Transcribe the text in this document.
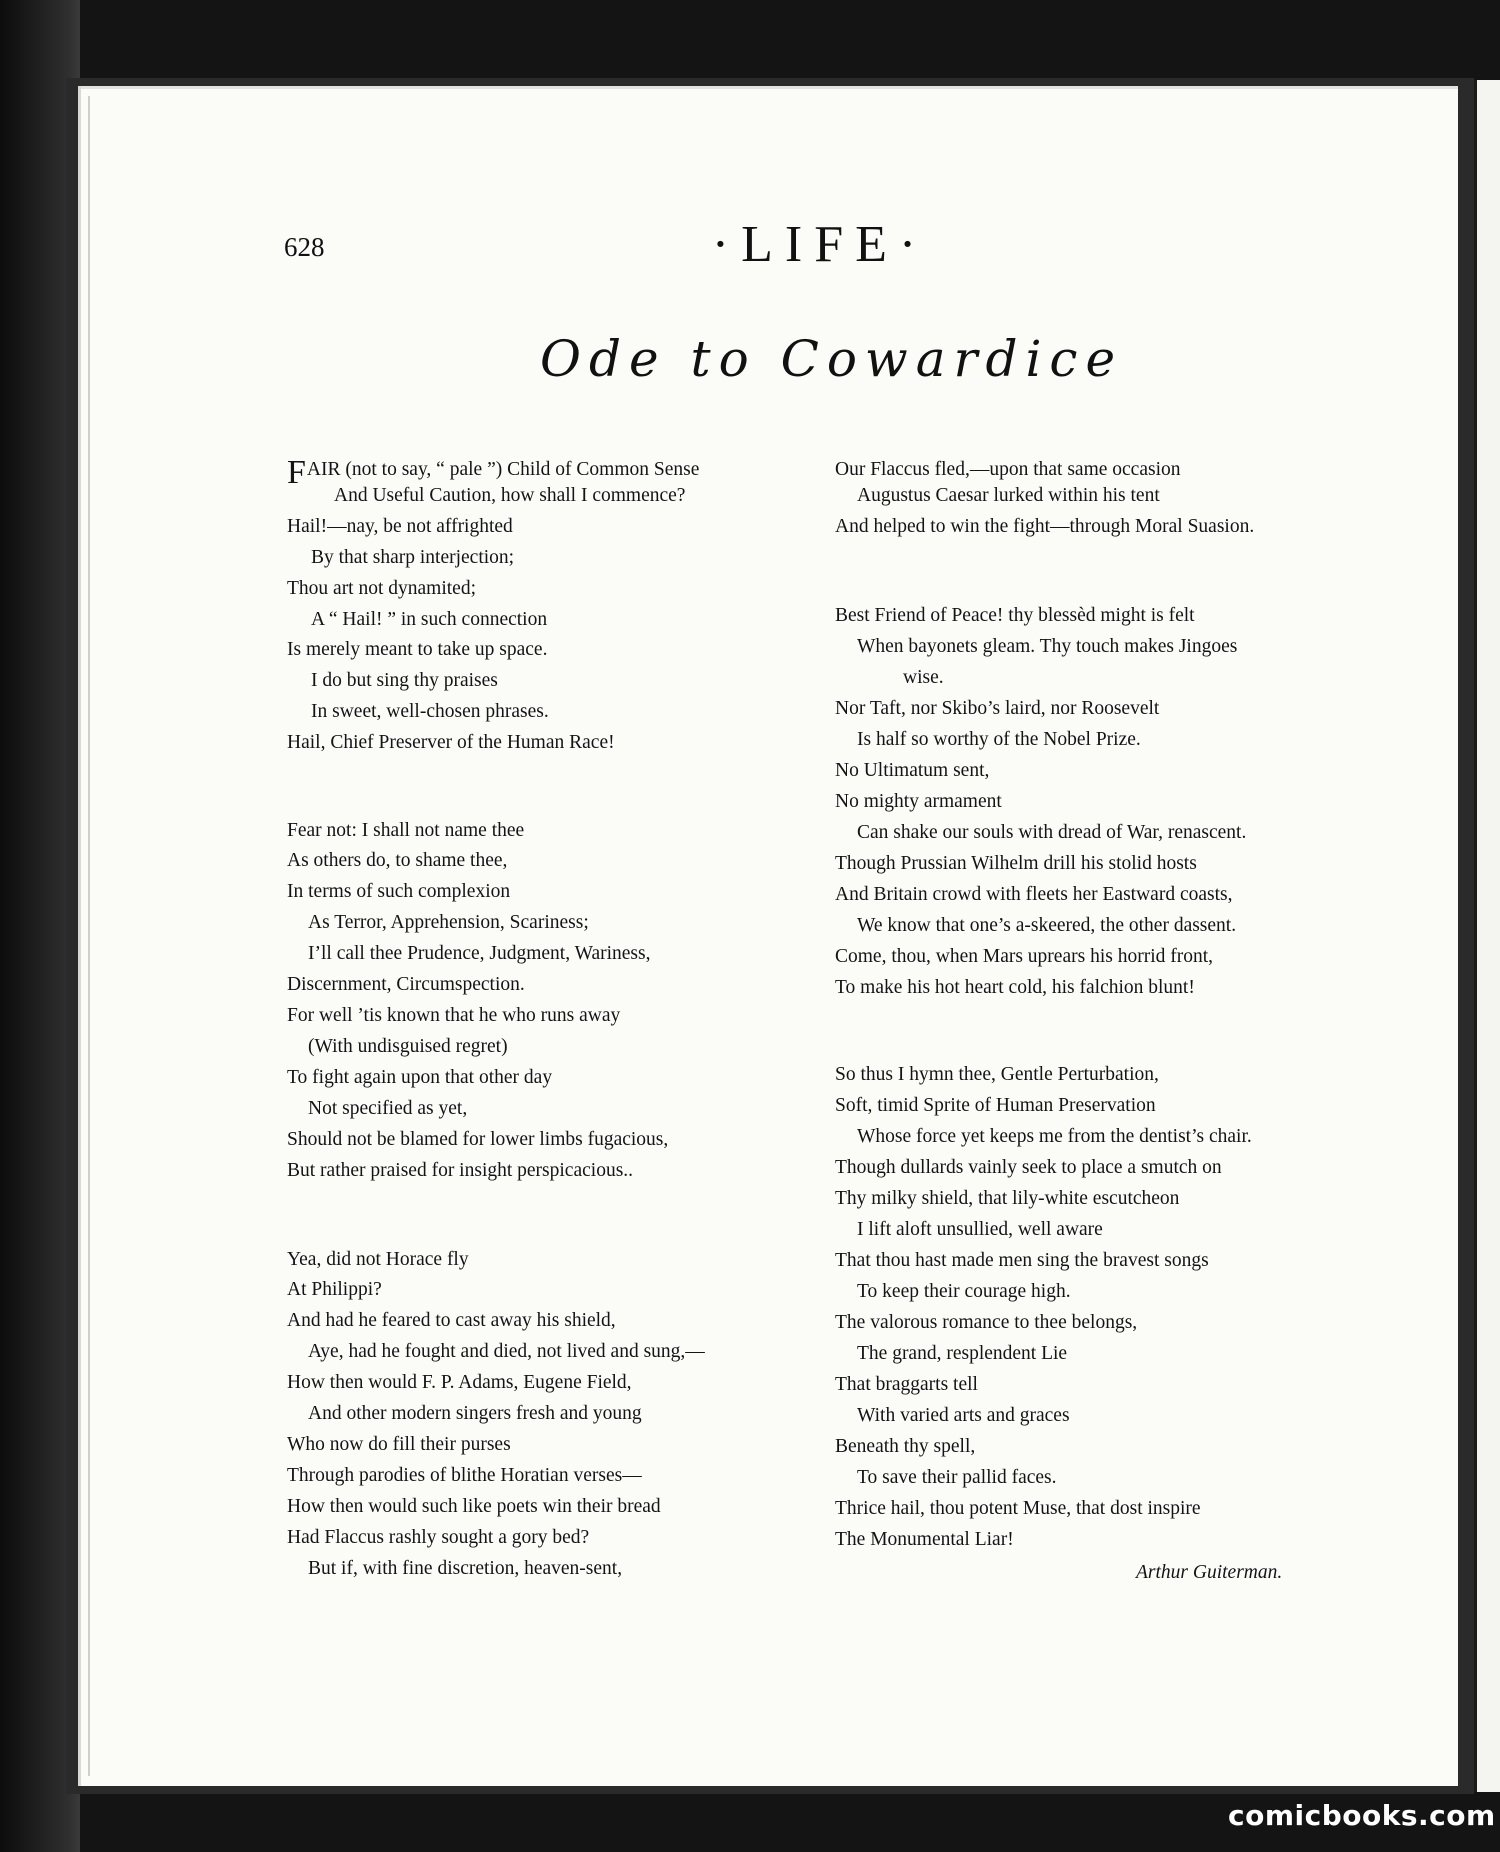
628	·LIFE·
Ode to Cowardice
FAIR (not to say, “ pale ”) Child of Common Sense
And Useful Caution, how shall I commence?
Hail!—nay, be not affrighted
By that sharp interjection;
Thou art not dynamited;
A “ Hail! ” in such connection
Is merely meant to take up space.
I do but sing thy praises
In sweet, well-chosen phrases.
Hail, Chief Preserver of the Human Race!
Fear not: I shall not name thee
As others do, to shame thee,
In terms of such complexion
As Terror, Apprehension, Scariness;
I’ll call thee Prudence, Judgment, Wariness,
Discernment, Circumspection.
For well ’tis known that he who runs away
(With undisguised regret)
To fight again upon that other day
Not specified as yet,
Should not be blamed for lower limbs fugacious,
But rather praised for insight perspicacious..
Yea, did not Horace fly
At Philippi?
And had he feared to cast away his shield,
Aye, had he fought and died, not lived and sung,—
How then would F. P. Adams, Eugene Field,
And other modern singers fresh and young
Who now do fill their purses
Through parodies of blithe Horatian verses—
How then would such like poets win their bread
Had Flaccus rashly sought a gory bed?
But if, with fine discretion, heaven-sent,
Our Flaccus fled,—upon that same occasion
Augustus Caesar lurked within his tent
And helped to win the fight—through Moral Suasion.
Best Friend of Peace! thy blessèd might is felt
When bayonets gleam. Thy touch makes Jingoes
wise.
Nor Taft, nor Skibo’s laird, nor Roosevelt
Is half so worthy of the Nobel Prize.
No Ultimatum sent,
No mighty armament
Can shake our souls with dread of War, renascent.
Though Prussian Wilhelm drill his stolid hosts
And Britain crowd with fleets her Eastward coasts,
We know that one’s a-skeered, the other dassent.
Come, thou, when Mars uprears his horrid front,
To make his hot heart cold, his falchion blunt!
So thus I hymn thee, Gentle Perturbation,
Soft, timid Sprite of Human Preservation
Whose force yet keeps me from the dentist’s chair.
Though dullards vainly seek to place a smutch on
Thy milky shield, that lily-white escutcheon
I lift aloft unsullied, well aware
That thou hast made men sing the bravest songs
To keep their courage high.
The valorous romance to thee belongs,
The grand, resplendent Lie
That braggarts tell
With varied arts and graces
Beneath thy spell,
To save their pallid faces.
Thrice hail, thou potent Muse, that dost inspire
The Monumental Liar!
Arthur Guiterman.
comicbooks.com
